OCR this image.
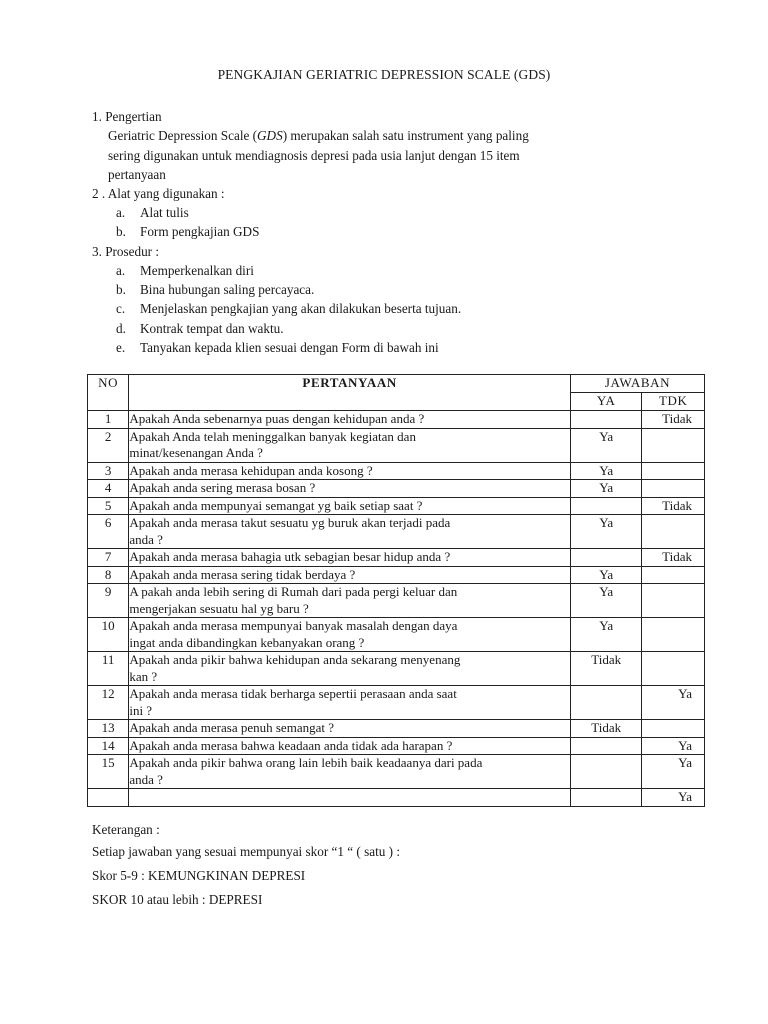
PENGKAJIAN GERIATRIC DEPRESSION SCALE (GDS)
1. Pengertian
Geriatric Depression Scale (GDS) merupakan salah satu instrument yang paling
sering digunakan untuk mendiagnosis depresi pada usia lanjut dengan 15 item
pertanyaan
2 . Alat yang digunakan :
a. Alat tulis
b. Form pengkajian GDS
3. Prosedur :
a. Memperkenalkan diri
b. Bina hubungan saling percayaca.
c. Menjelaskan pengkajian yang akan dilakukan beserta tujuan.
d. Kontrak tempat dan waktu.
e. Tanyakan kepada klien sesuai dengan Form di bawah ini
NO	PERTANYAAN	JAWABAN	
		YA	TDK
1	Apakah Anda sebenarnya puas dengan kehidupan anda ?		Tidak
2	Apakah Anda telah meninggalkan banyak kegiatan dan
minat/kesenangan Anda ?	Ya	
3	Apakah anda merasa kehidupan anda kosong ?	Ya	
4	Apakah anda sering merasa bosan ?	Ya	
5	Apakah anda mempunyai semangat yg baik setiap saat ?		Tidak
6	Apakah anda merasa takut sesuatu yg buruk akan terjadi pada
anda ?	Ya	
7	Apakah anda merasa bahagia utk sebagian besar hidup anda ?		Tidak
8	Apakah anda merasa sering tidak berdaya ?	Ya	
9	A pakah anda lebih sering di Rumah dari pada pergi keluar dan
mengerjakan sesuatu hal yg baru ?	Ya	
10	Apakah anda merasa mempunyai banyak masalah dengan daya
ingat anda dibandingkan kebanyakan orang ?	Ya	
11	Apakah anda pikir bahwa kehidupan anda sekarang menyenang
kan ?	Tidak	
12	Apakah anda merasa tidak berharga sepertii perasaan anda saat
ini ?		Ya
13	Apakah anda merasa penuh semangat ?	Tidak	
14	Apakah anda merasa bahwa keadaan anda tidak ada harapan ?		Ya
15	Apakah anda pikir bahwa orang lain lebih baik keadaanya dari pada
anda ?		Ya

		Ya
Keterangan :
Setiap jawaban yang sesuai mempunyai skor “1 “ ( satu ) :
Skor 5-9 : KEMUNGKINAN DEPRESI
SKOR 10 atau lebih : DEPRESI
